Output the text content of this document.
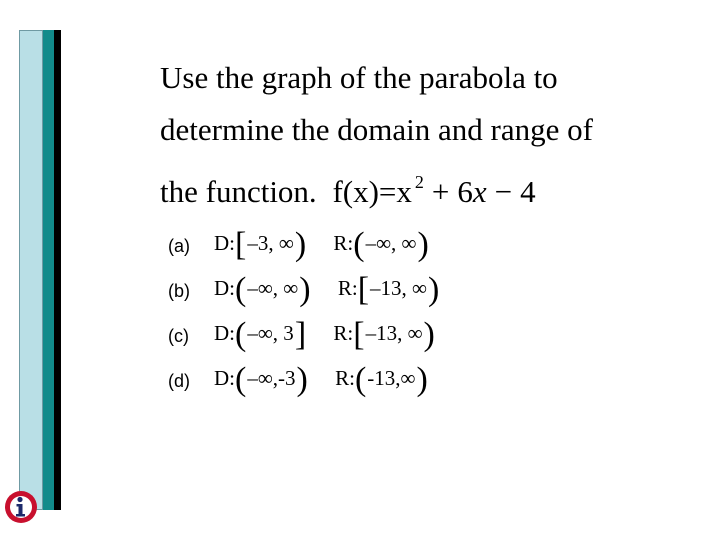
Use the graph of the parabola to
determine the domain and range of
the function. f(x)=x $^2$ + 6x − 4
(a) D:[–3, ∞) R:(–∞, ∞)
(b) D:(–∞, ∞) R:[–13, ∞)
(c) D:(–∞, 3] R:[–13, ∞)
(d) D:(–∞,-3) R:(-13,∞)
